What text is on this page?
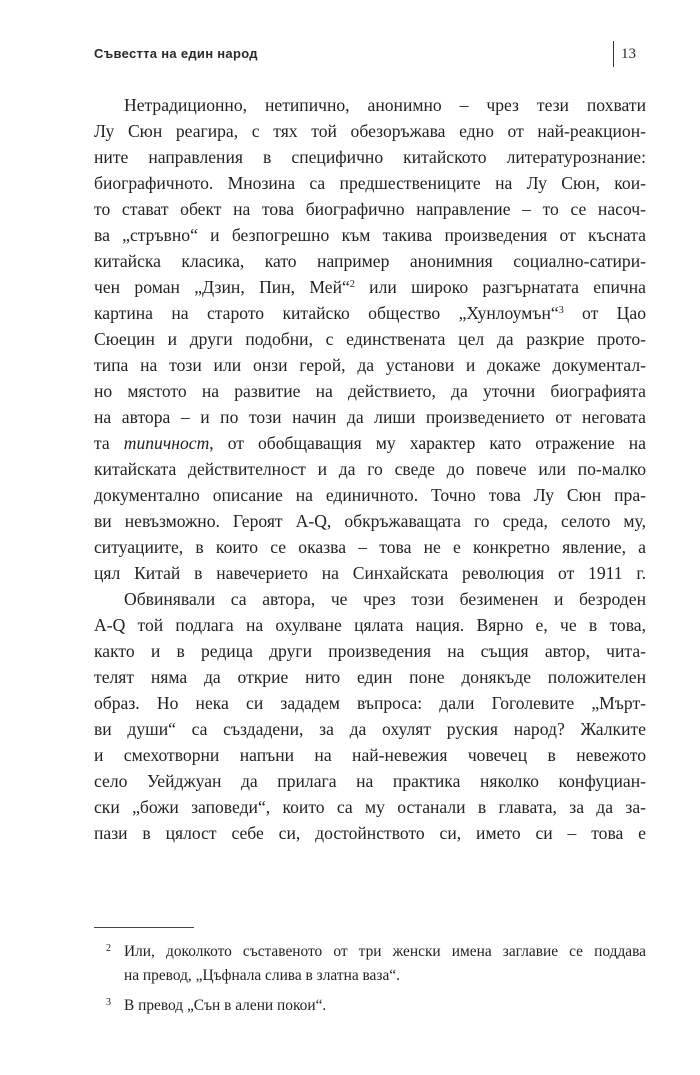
Съвестта на един народ	13

Нетрадиционно, нетипично, анонимно – чрез тези похвати
Лу Сюн реагира, с тях той обезоръжава едно от най-реакцион-
ните направления в специфично китайското литературознание:
биографичното. Мнозина са предшествениците на Лу Сюн, кои-
то стават обект на това биографично направление – то се насоч-
ва „стръвно“ и безпогрешно към такива произведения от късната
китайска класика, като например анонимния социално-сатири-
чен роман „Дзин, Пин, Мей“$^2$ или широко разгърнатата епична
картина на старото китайско общество „Хунлоумън“$^3$ от Цао
Сюецин и други подобни, с единствената цел да разкрие прото-
типа на този или онзи герой, да установи и докаже документал-
но мястото на развитие на действието, да уточни биографията
на автора – и по този начин да лиши произведението от неговата
та типичност, от обобщаващия му характер като отражение на
китайската действителност и да го сведе до повече или по-малко
документално описание на единичното. Точно това Лу Сюн пра-
ви невъзможно. Героят А-Q, обкръжаващата го среда, селото му,
ситуациите, в които се оказва – това не е конкретно явление, а
цял Китай в навечерието на Синхайската революция от 1911 г.

Обвинявали са автора, че чрез този безименен и безроден
А-Q той подлага на охулване цялата нация. Вярно е, че в това,
както и в редица други произведения на същия автор, чита-
телят няма да открие нито един поне донякъде положителен
образ. Но нека си зададем въпроса: дали Гоголевите „Мърт-
ви души“ са създадени, за да охулят руския народ? Жалките
и смехотворни напъни на най-невежия човечец в невежото
село Уейджуан да прилага на практика няколко конфуциан-
ски „божи заповеди“, които са му останали в главата, за да за-
пази в цялост себе си, достойнството си, името си – това е

2 Или, доколкото съставеното от три женски имена заглавие се поддава
на превод, „Цъфнала слива в златна ваза“.
3 В превод „Сън в алени покои“.
